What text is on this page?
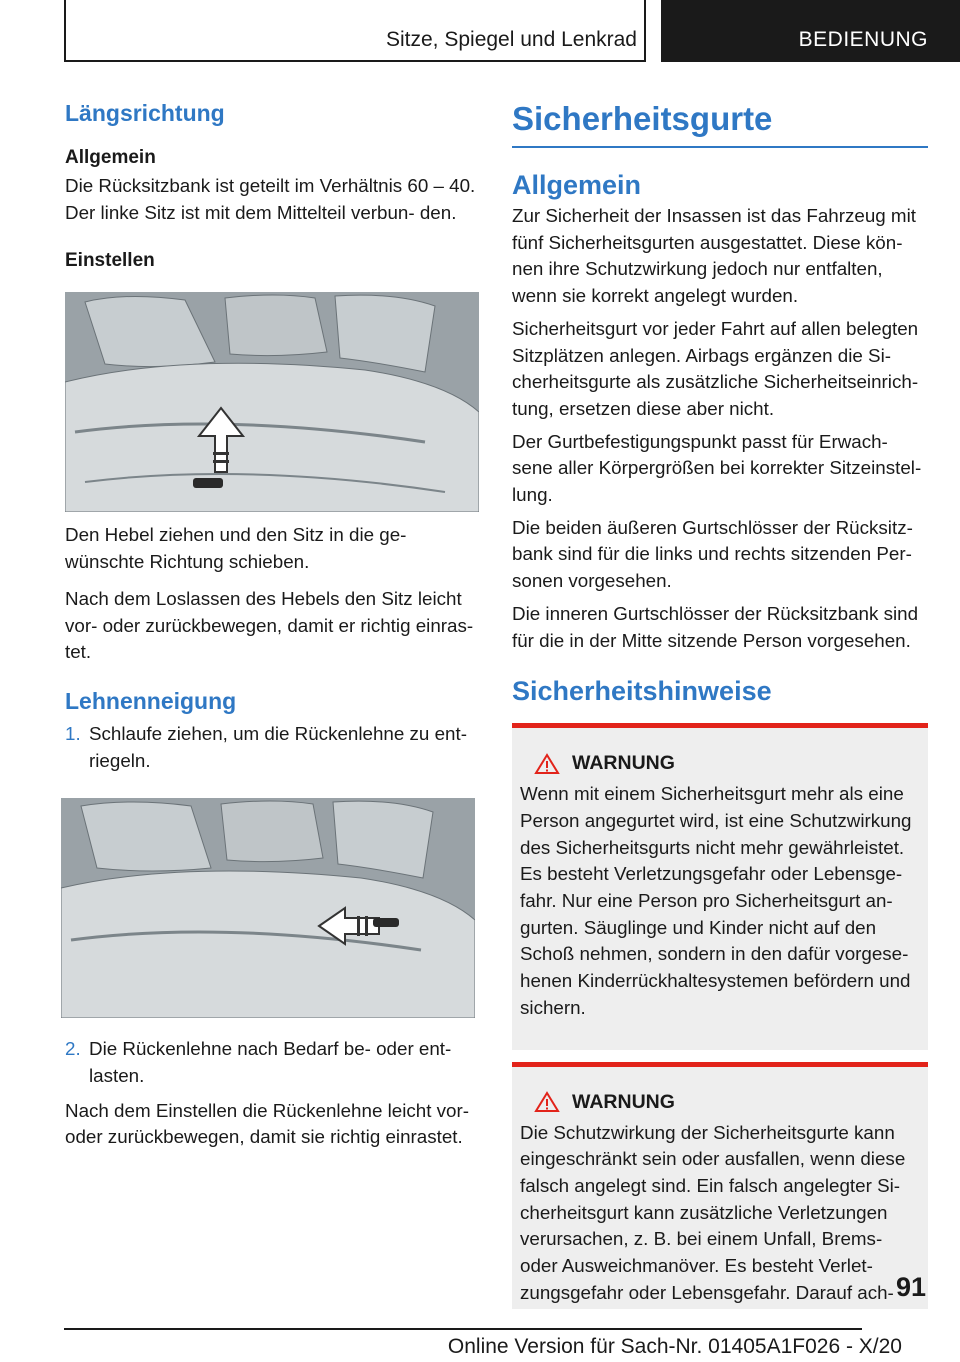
Sitze, Spiegel und Lenkrad	BEDIENUNG
Längsrichtung
Allgemein

Die Rücksitzbank ist geteilt im Verhältnis 60 – 40. Der linke Sitz ist mit dem Mittelteil verbun‐ den.

Einstellen

Den Hebel ziehen und den Sitz in die ge‐ wünschte Richtung schieben.

Nach dem Loslassen des Hebels den Sitz leicht vor- oder zurückbewegen, damit er richtig einras‐ tet.

Lehnenneigung
1. Schlaufe ziehen, um die Rückenlehne zu ent‐ riegeln.
2. Die Rückenlehne nach Bedarf be- oder ent‐ lasten.

Nach dem Einstellen die Rückenlehne leicht vor- oder zurückbewegen, damit sie richtig einrastet.

Sicherheitsgurte
Allgemein

Zur Sicherheit der Insassen ist das Fahrzeug mit fünf Sicherheitsgurten ausgestattet. Diese kön‐ nen ihre Schutzwirkung jedoch nur entfalten, wenn sie korrekt angelegt wurden.

Sicherheitsgurt vor jeder Fahrt auf allen belegten Sitzplätzen anlegen. Airbags ergänzen die Si‐ cherheitsgurte als zusätzliche Sicherheitseinrich‐ tung, ersetzen diese aber nicht.

Der Gurtbefestigungspunkt passt für Erwach‐ sene aller Körpergrößen bei korrekter Sitzeinstel‐ lung.

Die beiden äußeren Gurtschlösser der Rücksitz‐ bank sind für die links und rechts sitzenden Per‐ sonen vorgesehen.

Die inneren Gurtschlösser der Rücksitzbank sind für die in der Mitte sitzende Person vorgesehen.

Sicherheitshinweise
WARNUNG

Wenn mit einem Sicherheitsgurt mehr als eine Person angegurtet wird, ist eine Schutzwirkung des Sicherheitsgurts nicht mehr gewährleistet. Es besteht Verletzungsgefahr oder Lebensge‐ fahr. Nur eine Person pro Sicherheitsgurt an‐ gurten. Säuglinge und Kinder nicht auf den Schoß nehmen, sondern in den dafür vorgese‐ henen Kinderrückhaltesystemen befördern und sichern.

WARNUNG

Die Schutzwirkung der Sicherheitsgurte kann eingeschränkt sein oder ausfallen, wenn diese falsch angelegt sind. Ein falsch angelegter Si‐ cherheitsgurt kann zusätzliche Verletzungen verursachen, z. B. bei einem Unfall, Brems- oder Ausweichmanöver. Es besteht Verlet‐ zungsgefahr oder Lebensgefahr. Darauf ach‐ 91
Online Version für Sach-Nr. 01405A1F026 - X/20
